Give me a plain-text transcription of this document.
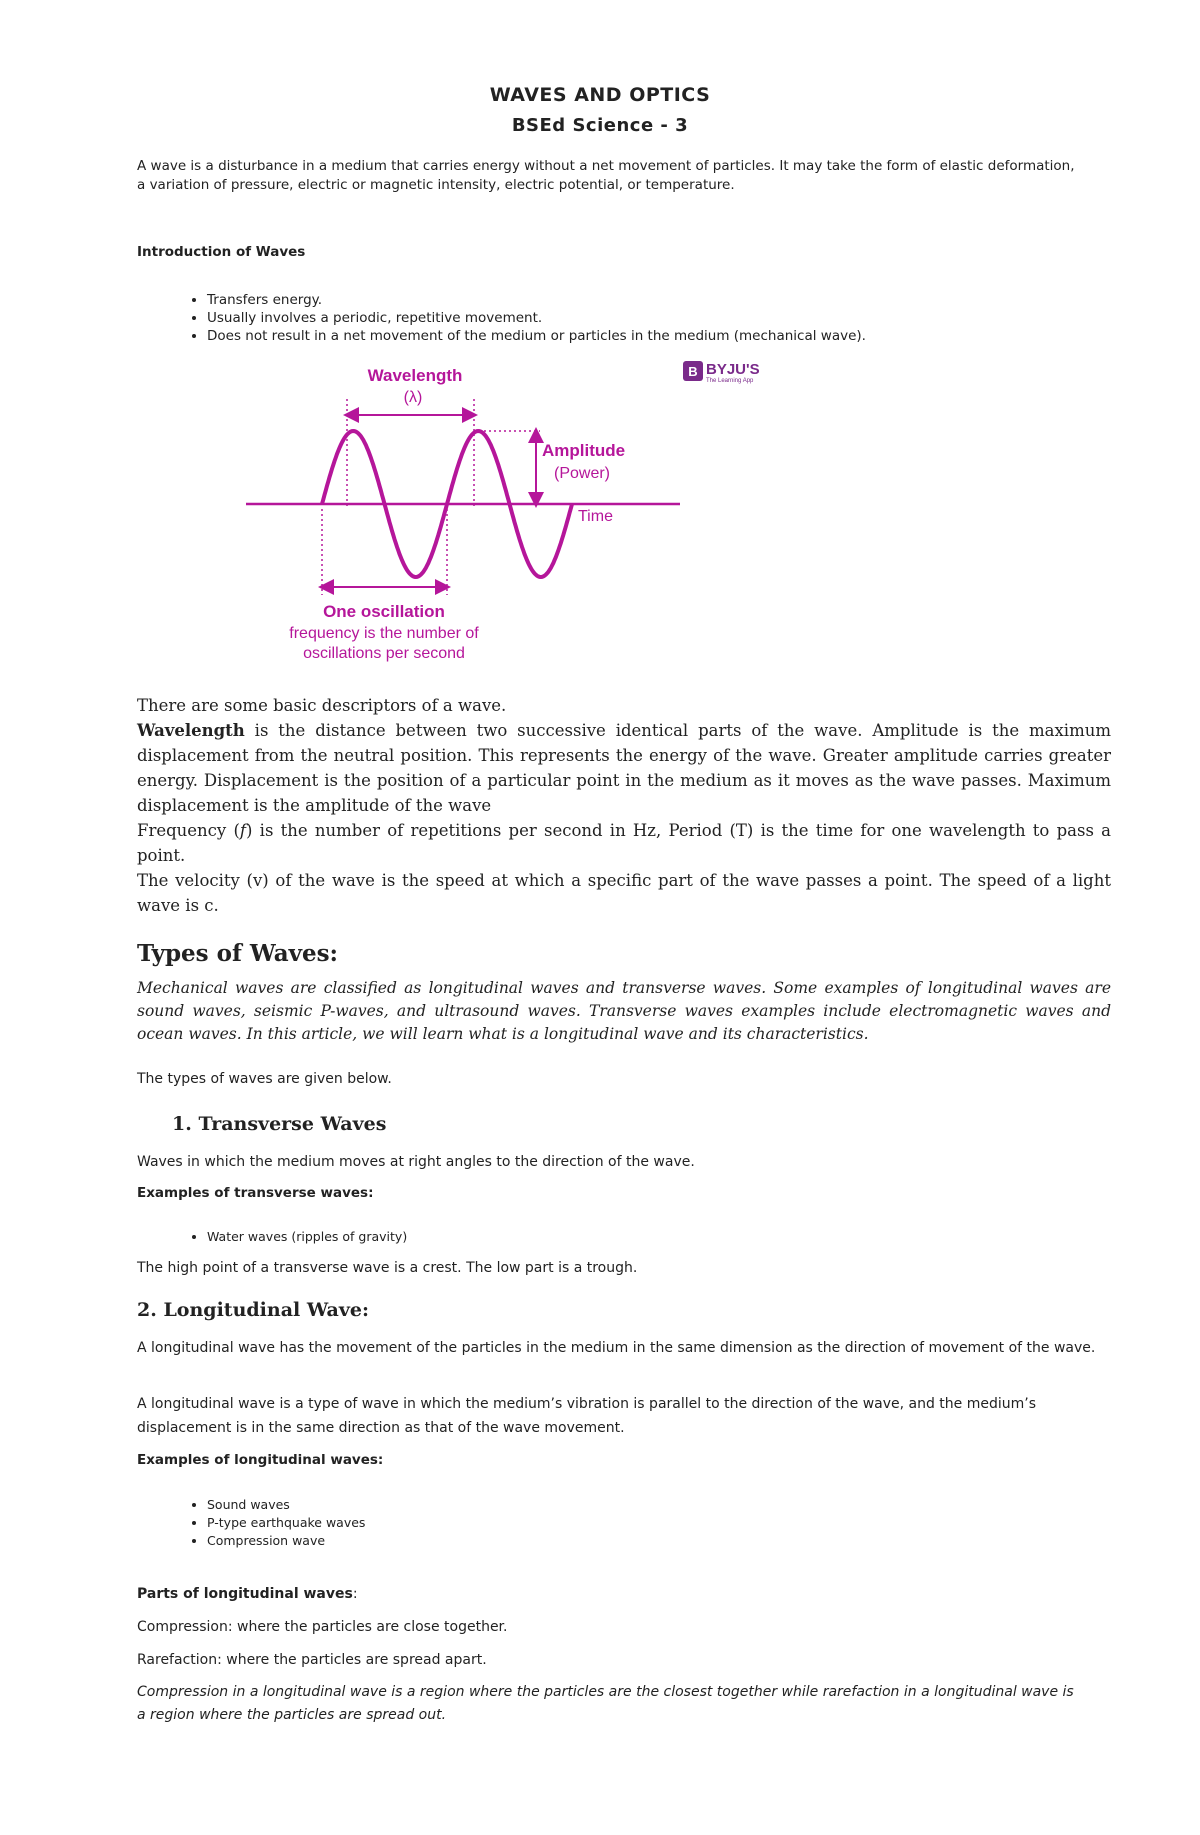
WAVES AND OPTICS
BSEd Science - 3
A wave is a disturbance in a medium that carries energy without a net movement of particles. It may take the form of elastic deformation, a variation of pressure, electric or magnetic intensity, electric potential, or temperature.
Introduction of Waves
• Transfers energy.
• Usually involves a periodic, repetitive movement.
• Does not result in a net movement of the medium or particles in the medium (mechanical wave).
Wavelength
(λ)
Amplitude
(Power)
Time
One oscillation
frequency is the number of
oscillations per second
B BYJU'S
The Learning App
There are some basic descriptors of a wave.
Wavelength is the distance between two successive identical parts of the wave. Amplitude is the maximum displacement from the neutral position. This represents the energy of the wave. Greater amplitude carries greater energy. Displacement is the position of a particular point in the medium as it moves as the wave passes. Maximum displacement is the amplitude of the wave
Frequency (f) is the number of repetitions per second in Hz, Period (T) is the time for one wavelength to pass a point.
The velocity (v) of the wave is the speed at which a specific part of the wave passes a point. The speed of a light wave is c.
Types of Waves:
Mechanical waves are classified as longitudinal waves and transverse waves. Some examples of longitudinal waves are sound waves, seismic P-waves, and ultrasound waves. Transverse waves examples include electromagnetic waves and ocean waves. In this article, we will learn what is a longitudinal wave and its characteristics.
The types of waves are given below.
1. Transverse Waves
Waves in which the medium moves at right angles to the direction of the wave.
Examples of transverse waves:
• Water waves (ripples of gravity)
The high point of a transverse wave is a crest. The low part is a trough.
2. Longitudinal Wave:
A longitudinal wave has the movement of the particles in the medium in the same dimension as the direction of movement of the wave.
A longitudinal wave is a type of wave in which the medium’s vibration is parallel to the direction of the wave, and the medium’s displacement is in the same direction as that of the wave movement.
Examples of longitudinal waves:
• Sound waves
• P-type earthquake waves
• Compression wave
Parts of longitudinal waves:
Compression: where the particles are close together.
Rarefaction: where the particles are spread apart.
Compression in a longitudinal wave is a region where the particles are the closest together while rarefaction in a longitudinal wave is a region where the particles are spread out.
